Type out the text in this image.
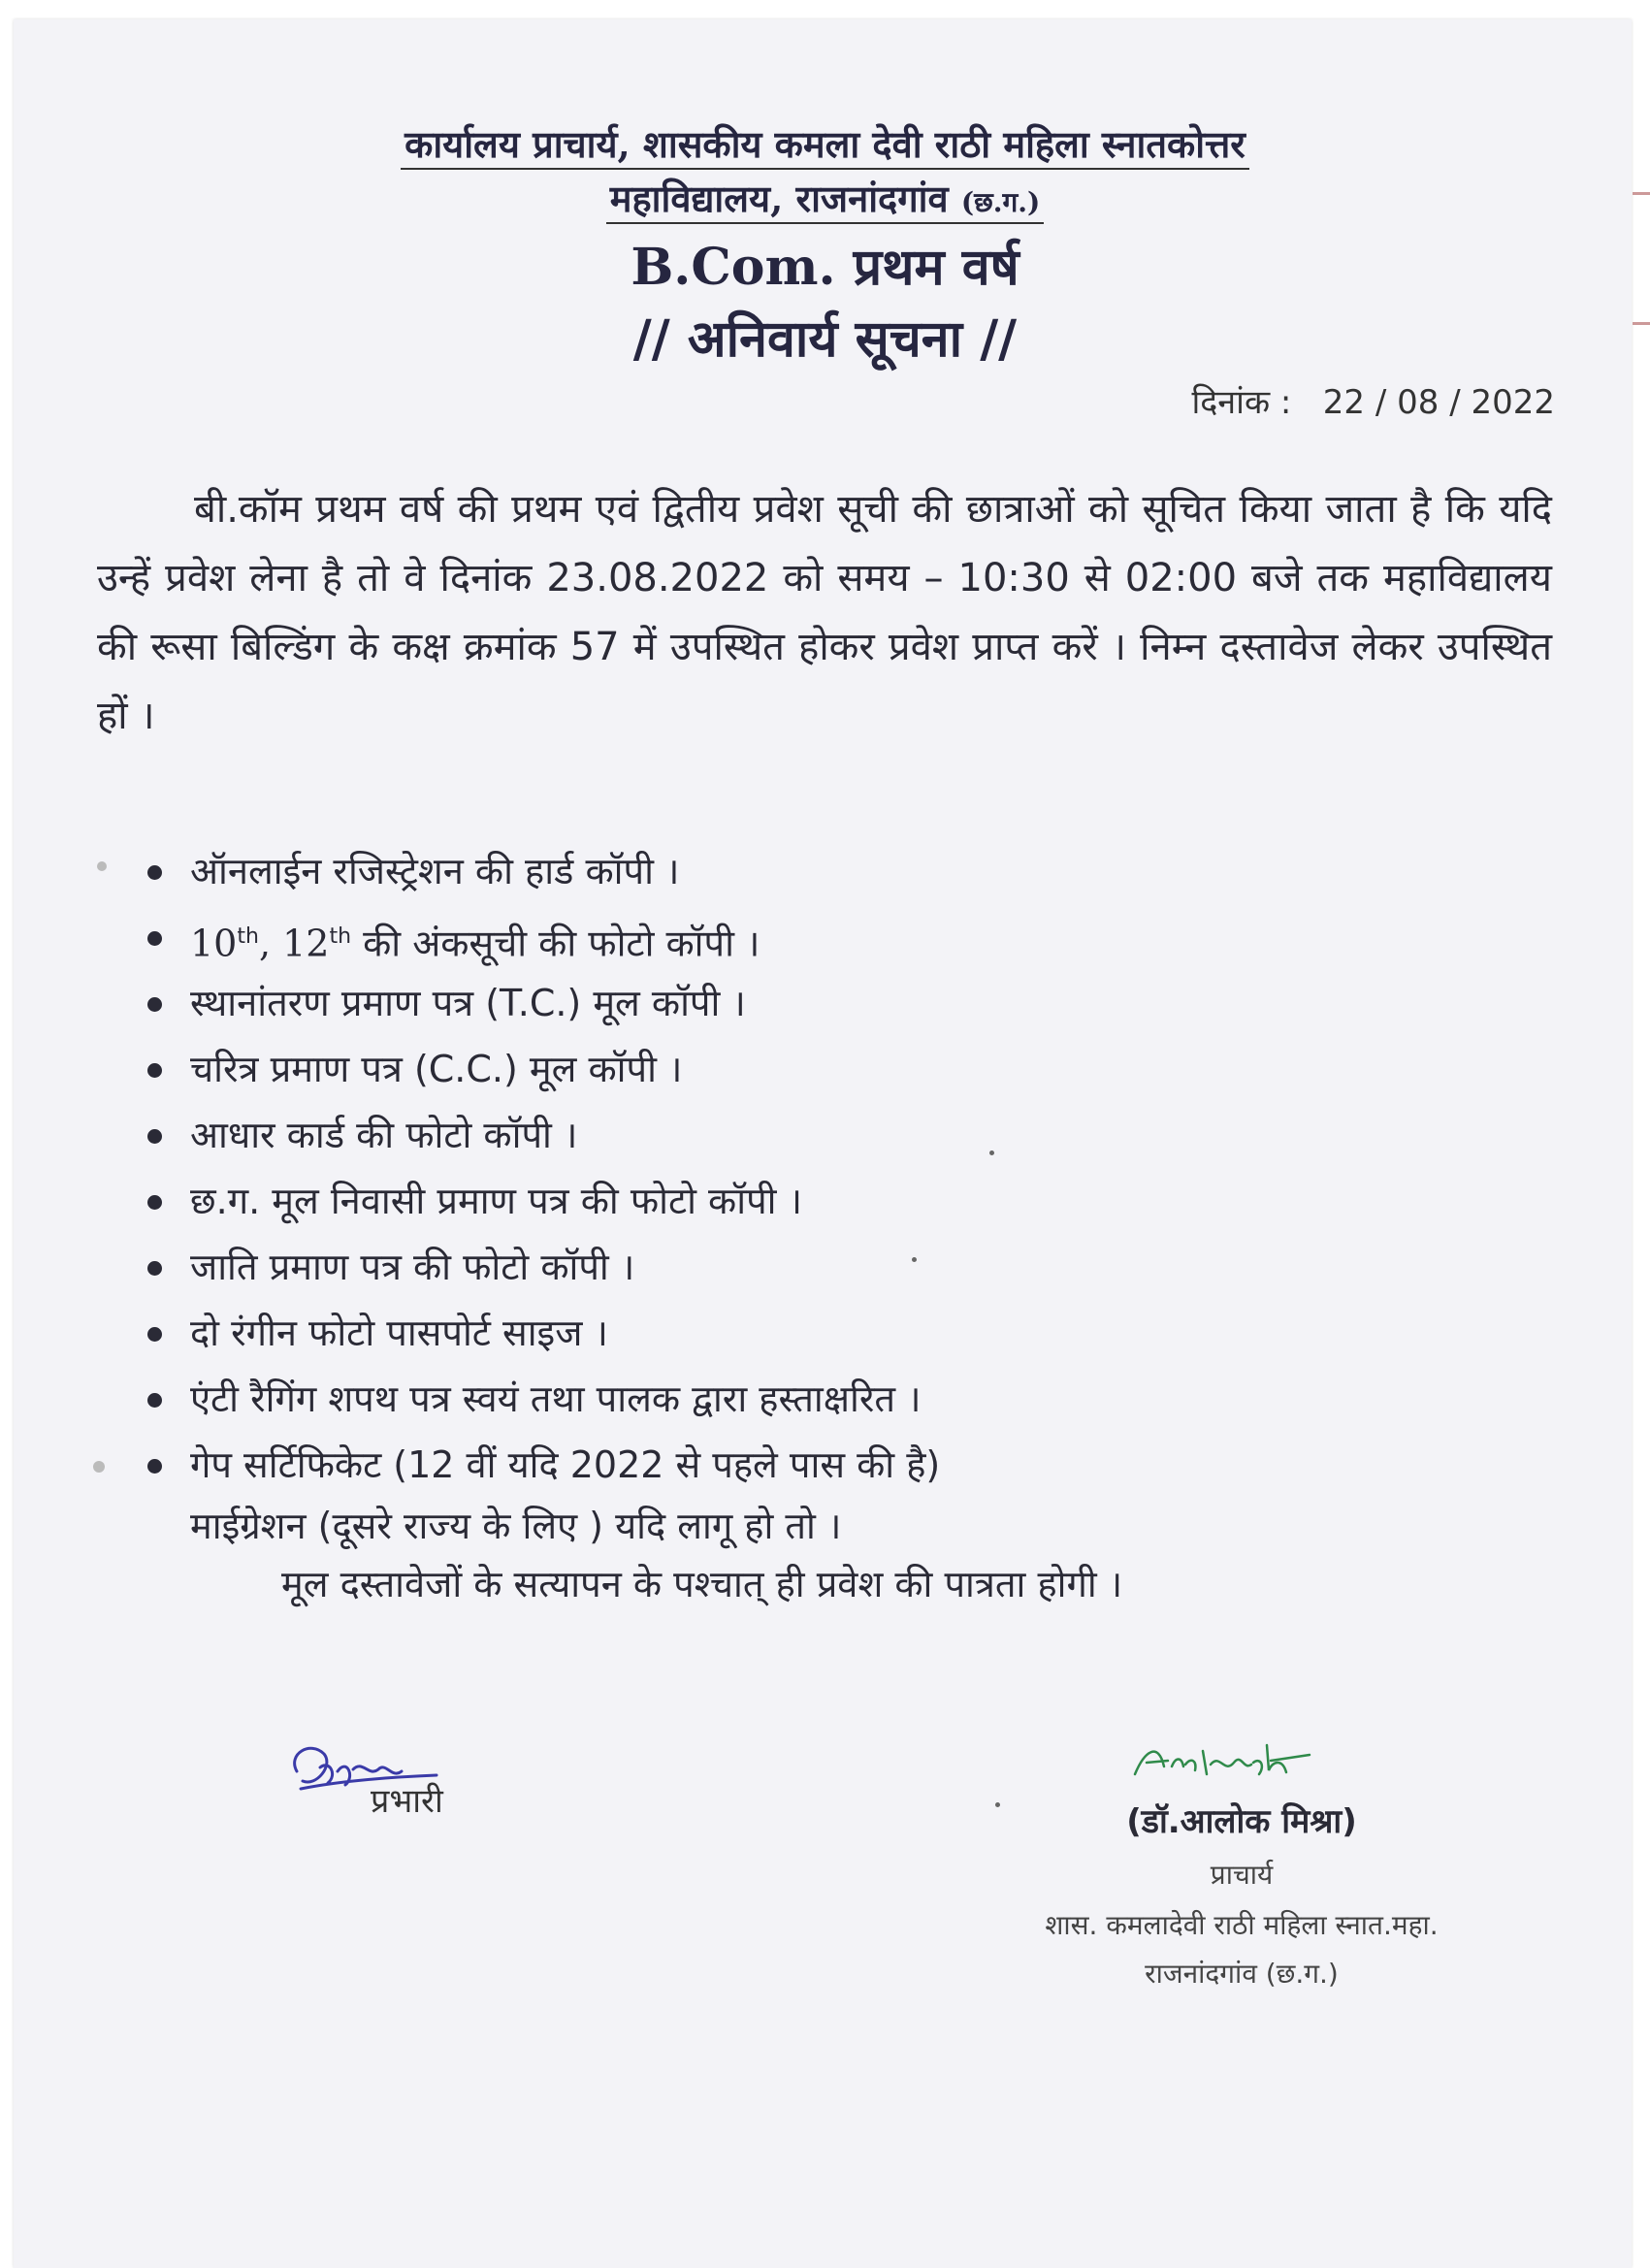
कार्यालय प्राचार्य, शासकीय कमला देवी राठी महिला स्नातकोत्तर
महाविद्यालय, राजनांदगांव (छ.ग.)
B.Com. प्रथम वर्ष
// अनिवार्य सूचना //
दिनांक : 22 / 08 / 2022
बी.कॉम प्रथम वर्ष की प्रथम एवं द्वितीय प्रवेश सूची की छात्राओं को सूचित किया जाता है कि यदि उन्हें प्रवेश लेना है तो वे दिनांक 23.08.2022 को समय – 10:30 से 02:00 बजे तक महाविद्यालय की रूसा बिल्डिंग के कक्ष क्रमांक 57 में उपस्थित होकर प्रवेश प्राप्त करें । निम्न दस्तावेज लेकर उपस्थित हों ।
ऑनलाईन रजिस्ट्रेशन की हार्ड कॉपी ।
10th, 12th की अंकसूची की फोटो कॉपी ।
स्थानांतरण प्रमाण पत्र (T.C.) मूल कॉपी ।
चरित्र प्रमाण पत्र (C.C.) मूल कॉपी ।
आधार कार्ड की फोटो कॉपी ।
छ.ग. मूल निवासी प्रमाण पत्र की फोटो कॉपी ।
जाति प्रमाण पत्र की फोटो कॉपी ।
दो रंगीन फोटो पासपोर्ट साइज ।
एंटी रैगिंग शपथ पत्र स्वयं तथा पालक द्वारा हस्ताक्षरित ।
गेप सर्टिफिकेट (12 वीं यदि 2022 से पहले पास की है)
माईग्रेशन (दूसरे राज्य के लिए ) यदि लागू हो तो ।
मूल दस्तावेजों के सत्यापन के पश्चात् ही प्रवेश की पात्रता होगी ।
प्रभारी
(डॉ.आलोक मिश्रा)
प्राचार्य
शास. कमलादेवी राठी महिला स्नात.महा.
राजनांदगांव (छ.ग.)
